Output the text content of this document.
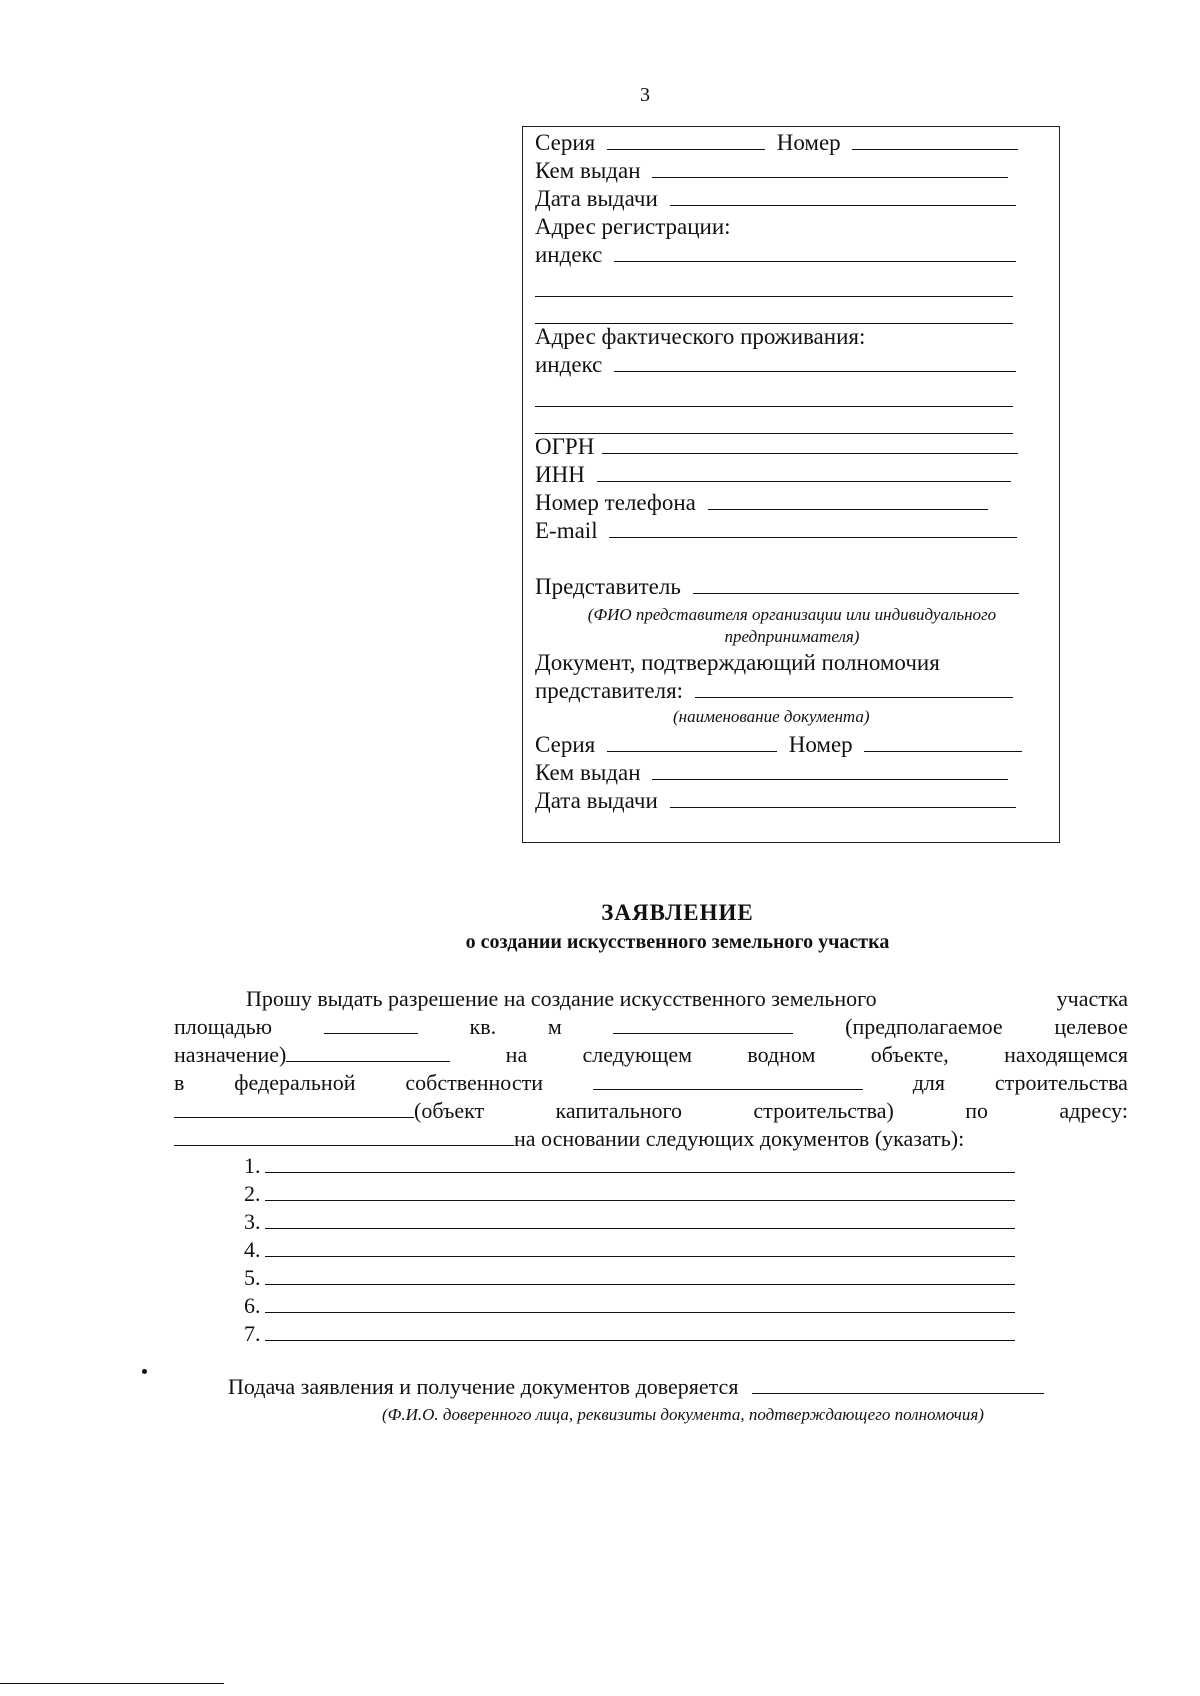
3
Серия	Номер
Кем выдан
Дата выдачи
Адрес регистрации:
индекс
Адрес фактического проживания:
индекс
ОГРН
ИНН
Номер телефона
E-mail
Представитель
(ФИО представителя организации или индивидуального
предпринимателя)
Документ, подтверждающий полномочия
представителя:
(наименование документа)
Серия	Номер
Кем выдан
Дата выдачи
ЗАЯВЛЕНИЕ
о создании искусственного земельного участка
Прошу выдать разрешение на создание искусственного земельного	участка
площадью	кв. м	(предполагаемое целевое
назначение)	на	следующем	водном	объекте,	находящемся
в федеральной собственности	для строительства
(объект	капитального	строительства)	по	адресу:
на основании следующих документов (указать):
1.
2.
3.
4.
5.
6.
7.
Подача заявления и получение документов доверяется
(Ф.И.О. доверенного лица, реквизиты документа, подтверждающего полномочия)
